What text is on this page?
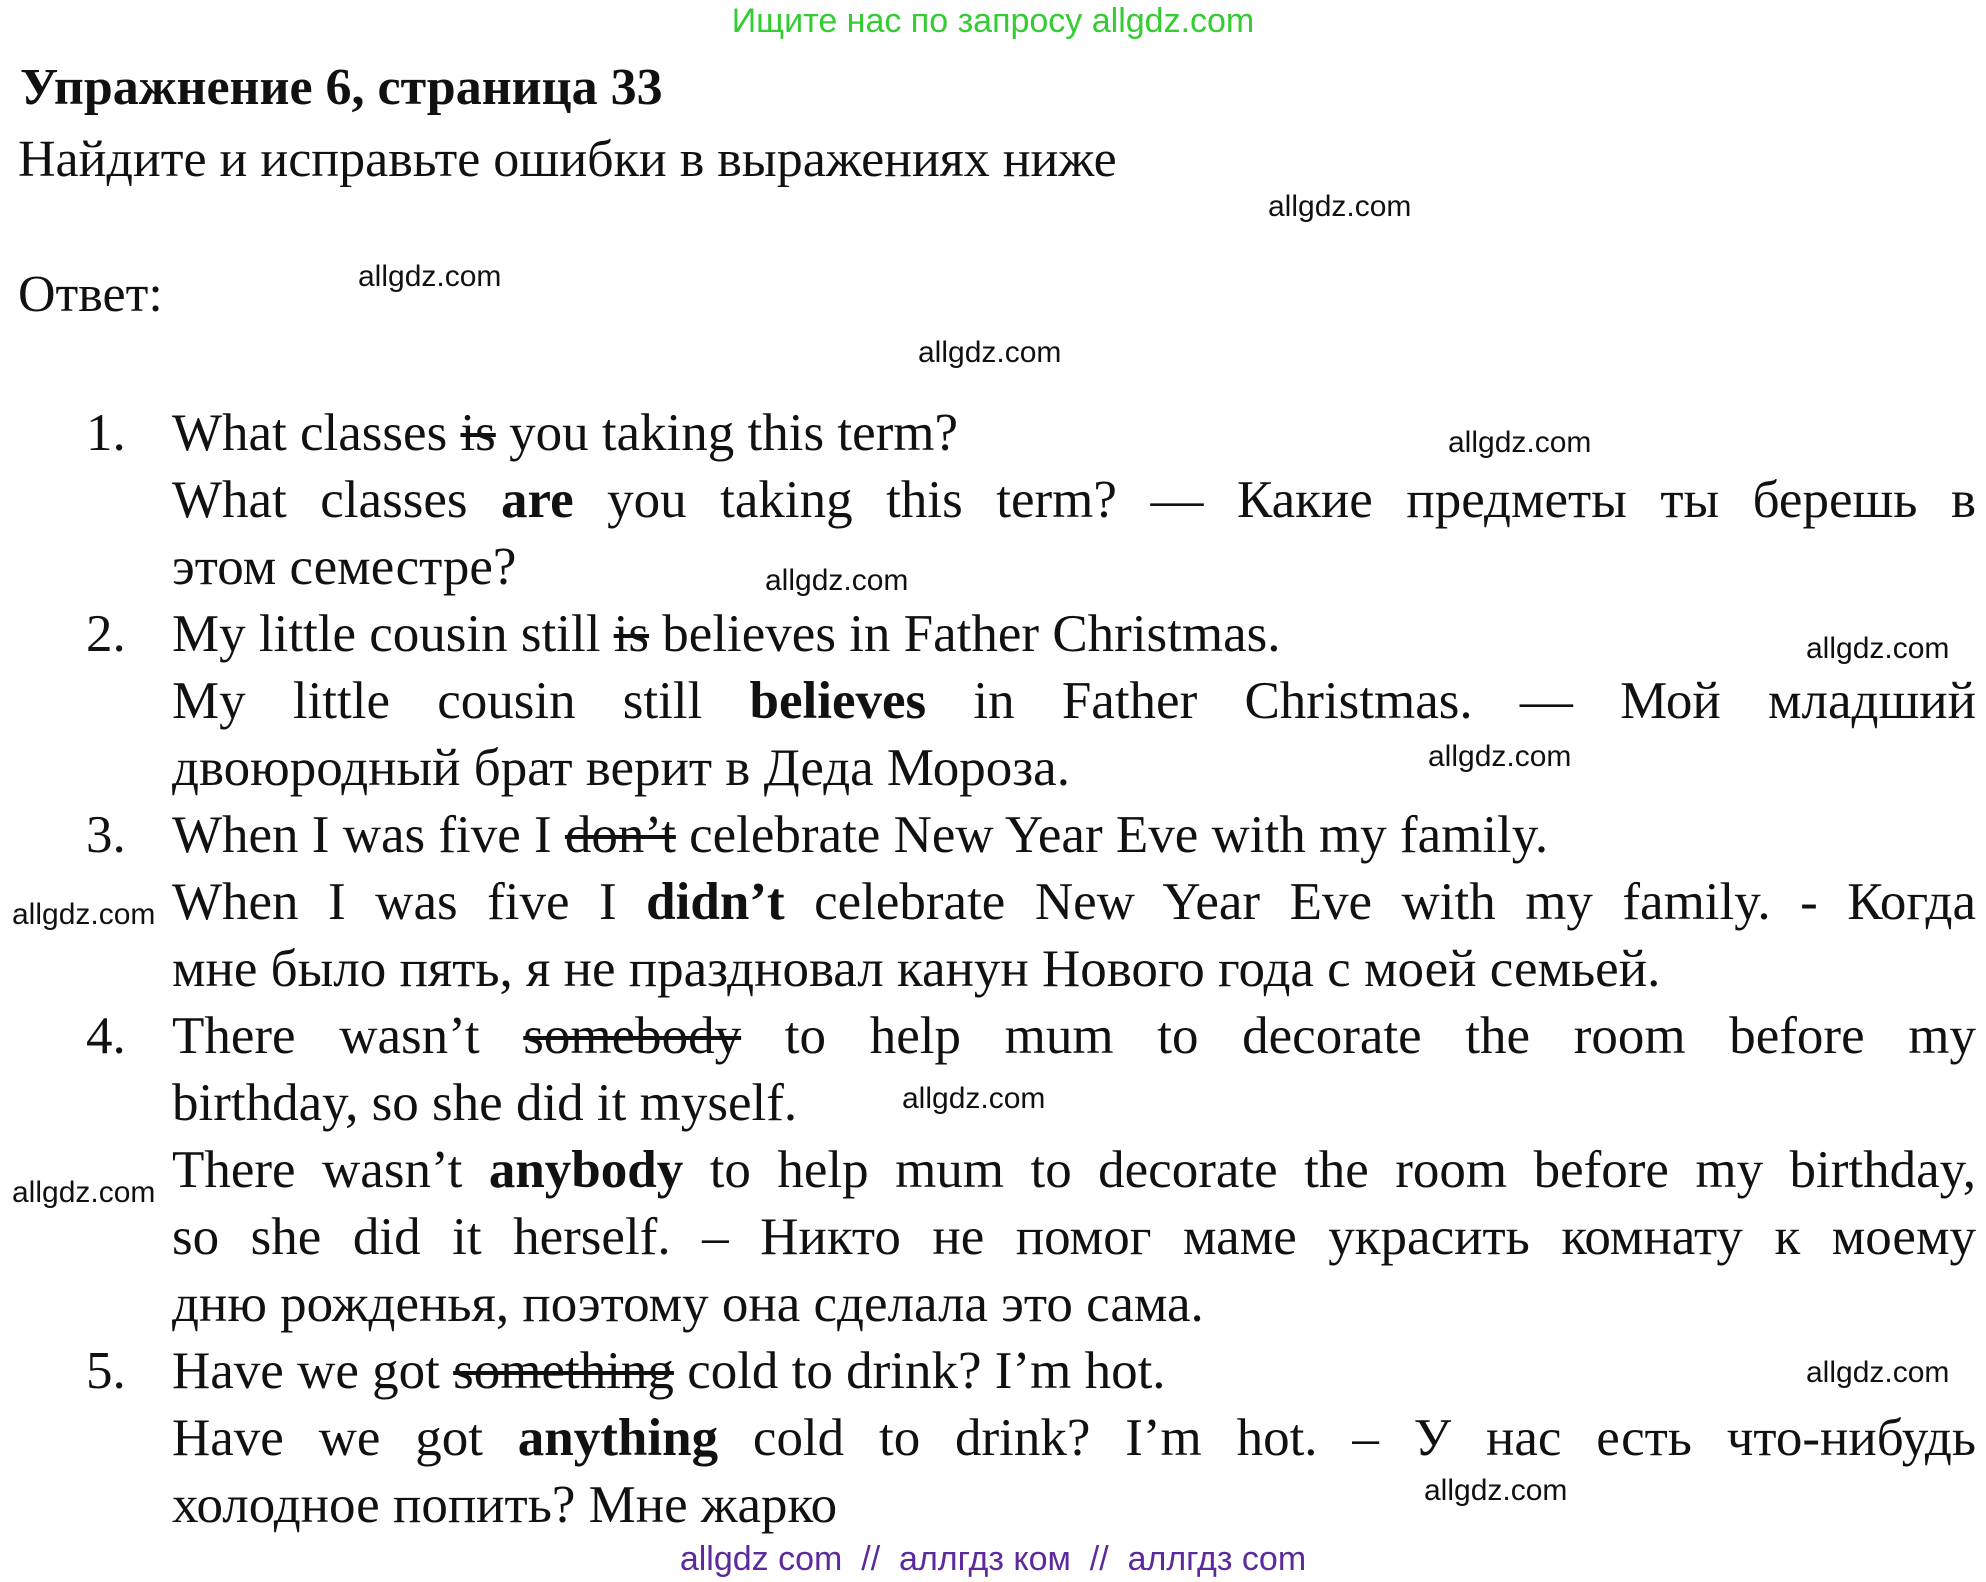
Ищите нас по запросу allgdz.com
Упражнение 6, страница 33
Найдите и исправьте ошибки в выражениях ниже
Ответ:
allgdz.com
allgdz.com
allgdz.com
allgdz.com
allgdz.com
allgdz.com
allgdz.com
allgdz.com
allgdz.com
allgdz.com
allgdz.com
allgdz.com
1. What classes is you taking this term?
What classes are you taking this term? — Какие предметы ты берешь в
этом семестре?
2. My little cousin still is believes in Father Christmas.
My little cousin still believes in Father Christmas. — Мой младший
двоюродный брат верит в Деда Мороза.
3. When I was five I don’t celebrate New Year Eve with my family.
When I was five I didn’t celebrate New Year Eve with my family. - Когда
мне было пять, я не праздновал канун Нового года с моей семьей.
4. There wasn’t somebody to help mum to decorate the room before my
birthday, so she did it myself.
There wasn’t anybody to help mum to decorate the room before my birthday,
so she did it herself. – Никто не помог маме украсить комнату к моему
дню рожденья, поэтому она сделала это сама.
5. Have we got something cold to drink? I’m hot.
Have we got anything cold to drink? I’m hot. – У нас есть что-нибудь
холодное попить? Мне жарко
allgdz com  //  аллгдз ком  //  аллгдз com
